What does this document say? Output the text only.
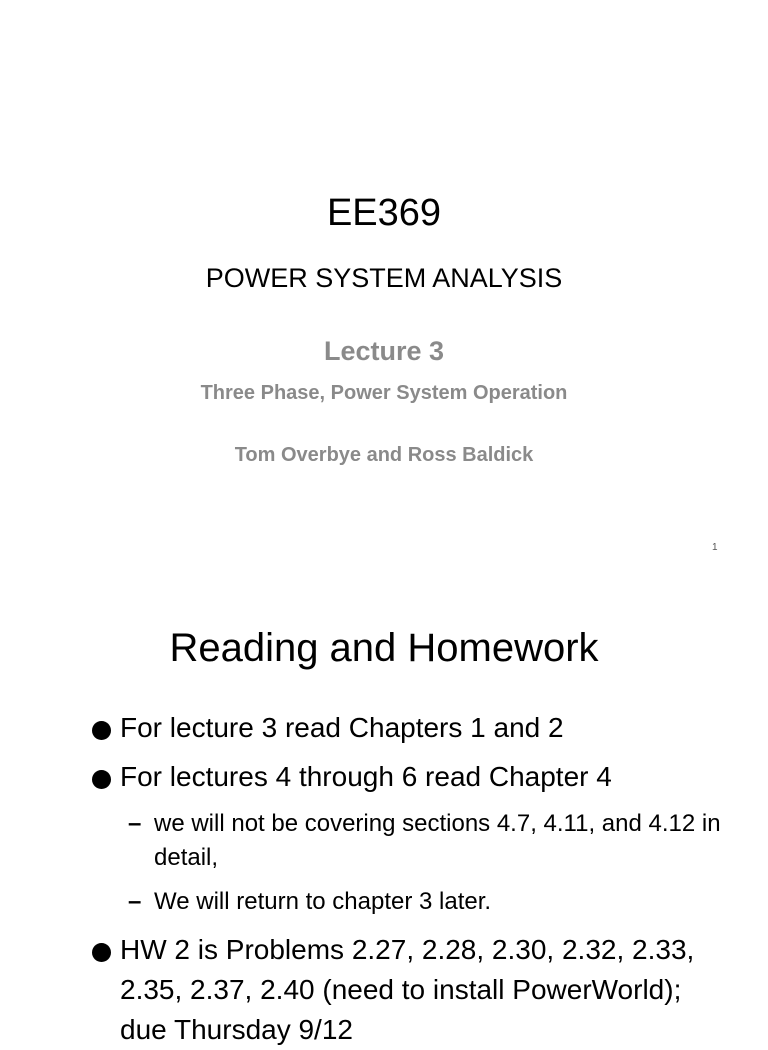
EE369
POWER SYSTEM ANALYSIS
Lecture 3
Three Phase, Power System Operation
Tom Overbye and Ross Baldick
1
Reading and Homework
For lecture 3 read Chapters 1 and 2
For lectures 4 through 6 read Chapter 4
– we will not be covering sections 4.7, 4.11, and 4.12 in detail,
– We will return to chapter 3 later.
HW 2 is Problems 2.27, 2.28, 2.30, 2.32, 2.33, 2.35, 2.37, 2.40 (need to install PowerWorld); due Thursday 9/12
